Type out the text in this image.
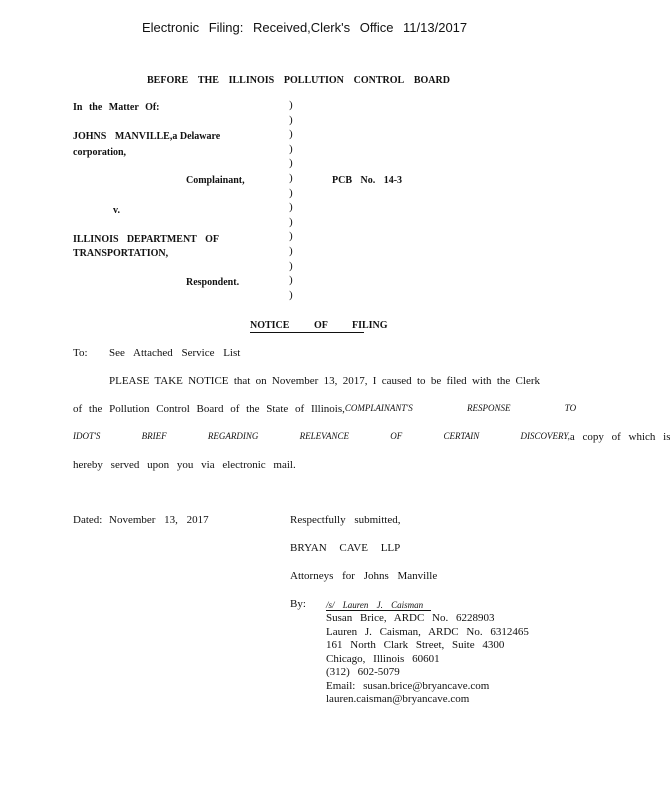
Electronic Filing: Received,Clerk's Office 11/13/2017
BEFORE THE ILLINOIS POLLUTION CONTROL BOARD
In the Matter Of:
JOHNS MANVILLE, a Delaware
corporation,
Complainant,
v.
ILLINOIS DEPARTMENT OF
TRANSPORTATION,
Respondent.
)
)
)
)
)
)
)
)
)
)
)
)
)
)
PCB No. 14-3
NOTICE OF FILING
To: See Attached Service List
PLEASE TAKE NOTICE that on November 13, 2017, I caused to be filed with the Clerk
of the Pollution Control Board of the State of Illinois, COMPLAINANT'S RESPONSE TO
IDOT'S BRIEF REGARDING RELEVANCE OF CERTAIN DISCOVERY, a copy of which is
hereby served upon you via electronic mail.
Dated: November 13, 2017	Respectfully submitted,
BRYAN CAVE LLP
Attorneys for Johns Manville
By: /s/ Lauren J. Caisman
Susan Brice, ARDC No. 6228903
Lauren J. Caisman, ARDC No. 6312465
161 North Clark Street, Suite 4300
Chicago, Illinois 60601
(312) 602-5079
Email: susan.brice@bryancave.com
lauren.caisman@bryancave.com
